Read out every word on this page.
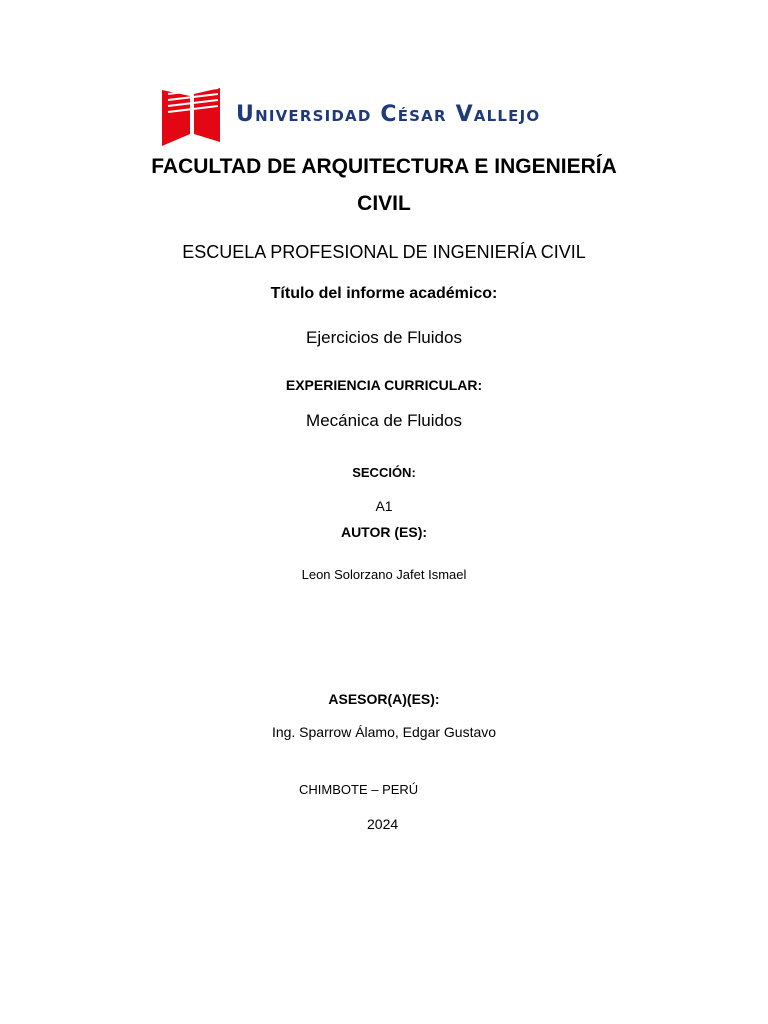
Universidad César Vallejo
FACULTAD DE ARQUITECTURA E INGENIERÍA CIVIL
ESCUELA PROFESIONAL DE INGENIERÍA CIVIL
Título del informe académico:
Ejercicios de Fluidos
EXPERIENCIA CURRICULAR:
Mecánica de Fluidos
SECCIÓN:
A1
AUTOR (ES):
Leon Solorzano Jafet Ismael
ASESOR(A)(ES):
Ing. Sparrow Álamo, Edgar Gustavo
CHIMBOTE – PERÚ
2024
